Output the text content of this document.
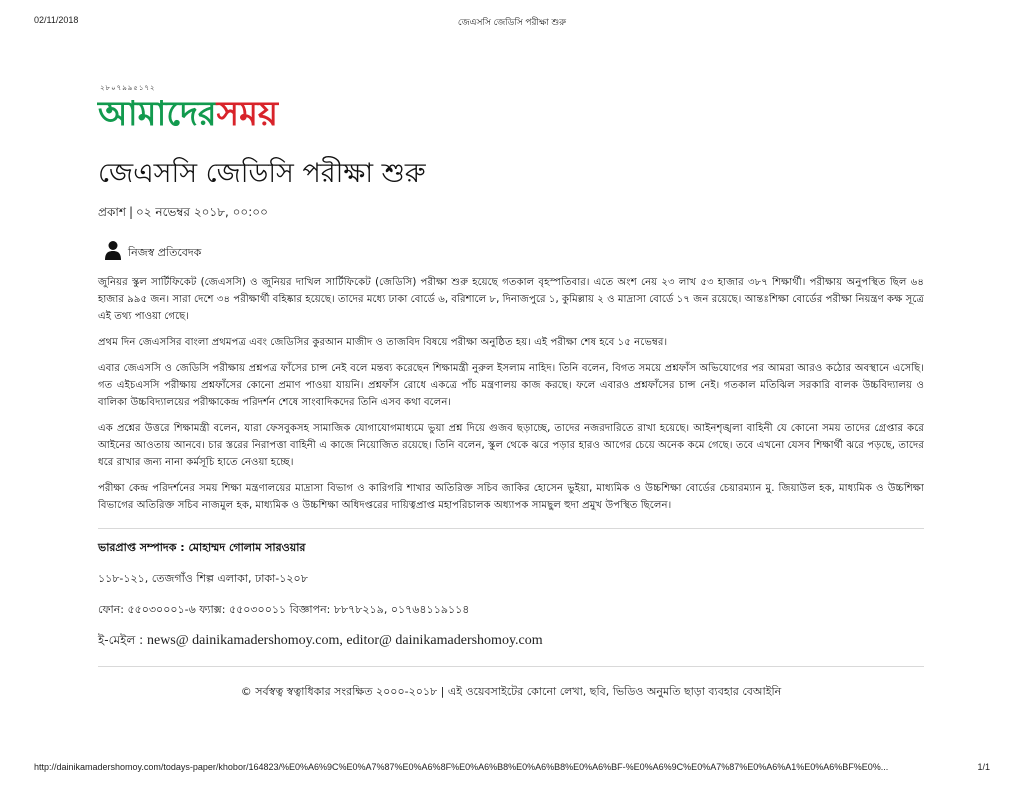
02/11/2018	জেএসসি জেডিসি পরীক্ষা শুরু
২৮০৭৯৯৫১৭২
আমাদেরসময়
জেএসসি জেডিসি পরীক্ষা শুরু
প্রকাশ | ০২ নভেম্বর ২০১৮, ০০:০০
নিজস্ব প্রতিবেদক

জুনিয়র স্কুল সার্টিফিকেট (জেএসসি) ও জুনিয়র দাখিল সার্টিফিকেট (জেডিসি) পরীক্ষা শুরু হয়েছে গতকাল বৃহস্পতিবার। এতে অংশ নেয় ২৩ লাখ ৫৩ হাজার ৩৮৭ শিক্ষার্থী। পরীক্ষায় অনুপস্থিত ছিল ৬৪ হাজার ৯৯৫ জন। সারা দেশে ৩৪ পরীক্ষার্থী বহিষ্কার হয়েছে। তাদের মধ্যে ঢাকা বোর্ডে ৬, বরিশালে ৮, দিনাজপুরে ১, কুমিল্লায় ২ ও মাদ্রাসা বোর্ডে ১৭ জন রয়েছে। আন্তঃশিক্ষা বোর্ডের পরীক্ষা নিয়ন্ত্রণ কক্ষ সূত্রে এই তথ্য পাওয়া গেছে।

প্রথম দিন জেএসসির বাংলা প্রথমপত্র এবং জেডিসির কুরআন মাজীদ ও তাজবিদ বিষয়ে পরীক্ষা অনুষ্ঠিত হয়। এই পরীক্ষা শেষ হবে ১৫ নভেম্বর।

এবার জেএসসি ও জেডিসি পরীক্ষায় প্রশ্নপত্র ফাঁসের চান্স নেই বলে মন্তব্য করেছেন শিক্ষামন্ত্রী নুরুল ইসলাম নাহিদ। তিনি বলেন, বিগত সময়ে প্রশ্নফাঁস অভিযোগের পর আমরা আরও কঠোর অবস্থানে এসেছি। গত এইচএসসি পরীক্ষায় প্রশ্নফাঁসের কোনো প্রমাণ পাওয়া যায়নি। প্রশ্নফাঁস রোধে একত্রে পাঁচ মন্ত্রণালয় কাজ করছে। ফলে এবারও প্রশ্নফাঁসের চান্স নেই। গতকাল মতিঝিল সরকারি বালক উচ্চবিদ্যালয় ও বালিকা উচ্চবিদ্যালয়ের পরীক্ষাকেন্দ্র পরিদর্শন শেষে সাংবাদিকদের তিনি এসব কথা বলেন।

এক প্রশ্নের উত্তরে শিক্ষামন্ত্রী বলেন, যারা ফেসবুকসহ সামাজিক যোগাযোগমাধ্যমে ভুয়া প্রশ্ন দিয়ে গুজব ছড়াচ্ছে, তাদের নজরদারিতে রাখা হয়েছে। আইনশৃঙ্খলা বাহিনী যে কোনো সময় তাদের গ্রেপ্তার করে আইনের আওতায় আনবে। চার স্তরের নিরাপত্তা বাহিনী এ কাজে নিয়োজিত রয়েছে। তিনি বলেন, স্কুল থেকে ঝরে পড়ার হারও আগের চেয়ে অনেক কমে গেছে। তবে এখনো যেসব শিক্ষার্থী ঝরে পড়ছে, তাদের ধরে রাখার জন্য নানা কর্মসূচি হাতে নেওয়া হচ্ছে।

পরীক্ষা কেন্দ্র পরিদর্শনের সময় শিক্ষা মন্ত্রণালয়ের মাদ্রাসা বিভাগ ও কারিগরি শাখার অতিরিক্ত সচিব জাকির হোসেন ভুইয়া, মাধ্যমিক ও উচ্চশিক্ষা বোর্ডের চেয়ারম্যান মু. জিয়াউল হক, মাধ্যমিক ও উচ্চশিক্ষা বিভাগের অতিরিক্ত সচিব নাজমুল হক, মাধ্যমিক ও উচ্চশিক্ষা অধিদপ্তরের দায়িত্বপ্রাপ্ত মহাপরিচালক অধ্যাপক সামছুল হুদা প্রমুখ উপস্থিত ছিলেন।

ভারপ্রাপ্ত সম্পাদক : মোহাম্মদ গোলাম সারওয়ার
১১৮-১২১, তেজগাঁও শিল্প এলাকা, ঢাকা-১২০৮
ফোন: ৫৫০৩০০০১-৬ ফ্যাক্স: ৫৫০৩০০১১ বিজ্ঞাপন: ৮৮৭৮২১৯, ০১৭৬৪১১৯১১৪
ই-মেইল : news@ dainikamadershomoy.com, editor@ dainikamadershomoy.com
© সর্বস্বত্ব স্বত্বাধিকার সংরক্ষিত ২০০০-২০১৮ | এই ওয়েবসাইটের কোনো লেখা, ছবি, ভিডিও অনুমতি ছাড়া ব্যবহার বেআইনি
http://dainikamadershomoy.com/todays-paper/khobor/164823/%E0%A6%9C%E0%A7%87%E0%A6%8F%E0%A6%B8%E0%A6%B8%E0%A6%BF-%E0%A6%9C%E0%A7%87%E0%A6%A1%E0%A6%BF%E0%...	1/1
